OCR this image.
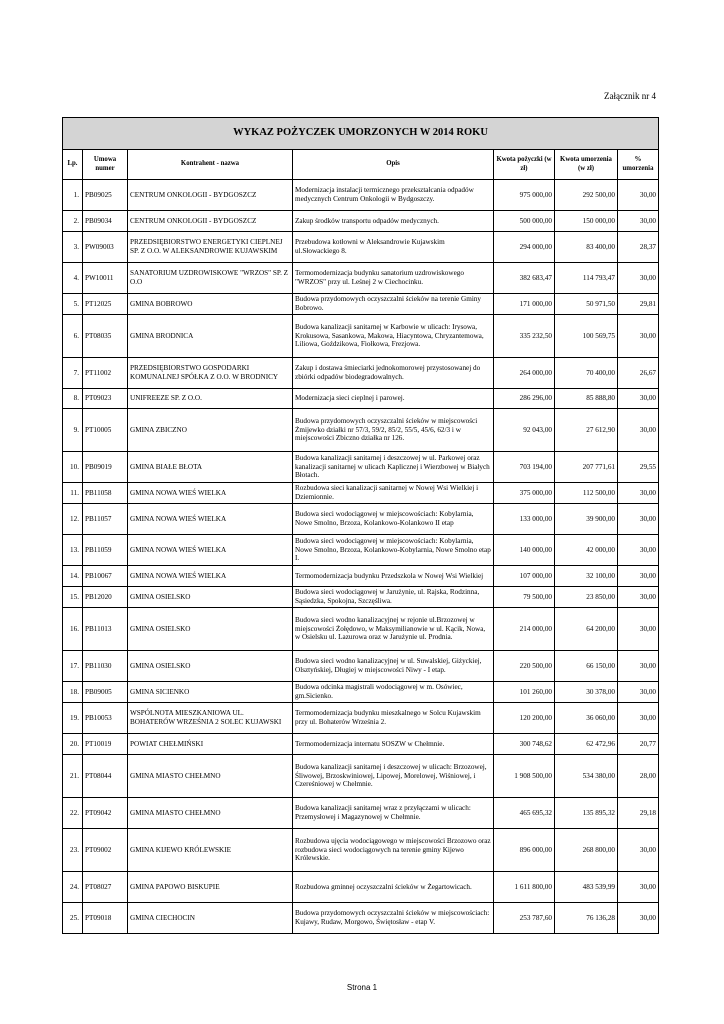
Załącznik nr 4
WYKAZ POŻYCZEK UMORZONYCH W 2014 ROKU						
Lp.	Umowa numer	Kontrahent - nazwa	Opis	Kwota pożyczki (w zł)	Kwota umorzenia (w zł)	% umorzenia
1.	PB09025	CENTRUM ONKOLOGII - BYDGOSZCZ	Modernizacja instalacji termicznego przekształcania odpadów medycznych Centrum Onkologii w Bydgoszczy.	975 000,00	292 500,00	30,00
2.	PB09034	CENTRUM ONKOLOGII - BYDGOSZCZ	Zakup środków transportu odpadów medycznych.	500 000,00	150 000,00	30,00
3.	PW09003	PRZEDSIĘBIORSTWO ENERGETYKI CIEPLNEJ SP. Z O.O. W ALEKSANDROWIE KUJAWSKIM	Przebudowa kotłowni w Aleksandrowie Kujawskim ul.Słowackiego 8.	294 000,00	83 400,00	28,37
4.	PW10011	SANATORIUM UZDROWISKOWE "WRZOS" SP. Z O.O	Termomodernizacja budynku sanatorium uzdrowiskowego "WRZOS" przy ul. Leśnej 2 w Ciechocinku.	382 683,47	114 793,47	30,00
5.	PT12025	GMINA BOBROWO	Budowa przydomowych oczyszczalni ścieków na terenie Gminy Bobrowo.	171 000,00	50 971,50	29,81
6.	PT08035	GMINA BRODNICA	Budowa kanalizacji sanitarnej w Karbowie w ulicach: Irysowa, Krokusowa, Sasankowa, Makowa, Hiacyntowa, Chryzantemowa, Liliowa, Goździkowa, Fiołkowa, Frezjowa.	335 232,50	100 569,75	30,00
7.	PT11002	PRZEDSIĘBIORSTWO GOSPODARKI KOMUNALNEJ SPÓŁKA Z O.O. W BRODNICY	Zakup i dostawa śmieciarki jednokomorowej przystosowanej do zbiórki odpadów biodegradowalnych.	264 000,00	70 400,00	26,67
8.	PT09023	UNIFREEZE SP. Z O.O.	Modernizacja sieci cieplnej i parowej.	286 296,00	85 888,80	30,00
9.	PT10005	GMINA ZBICZNO	Budowa przydomowych oczyszczalni ścieków w miejscowości Żmijewko działki nr 57/3, 59/2, 85/2, 55/5, 45/6, 62/3 i w miejscowości Zbiczno działka nr 126.	92 043,00	27 612,90	30,00
10.	PB09019	GMINA BIAŁE BŁOTA	Budowa kanalizacji sanitarnej i deszczowej w ul. Parkowej oraz kanalizacji sanitarnej w ulicach Kaplicznej i Wierzbowej w Białych Błotach.	703 194,00	207 771,61	29,55
11.	PB11058	GMINA NOWA WIEŚ WIELKA	Rozbudowa sieci kanalizacji sanitarnej w Nowej Wsi Wielkiej i Dziemionnie.	375 000,00	112 500,00	30,00
12.	PB11057	GMINA NOWA WIEŚ WIELKA	Budowa sieci wodociągowej w miejscowościach: Kobylarnia, Nowe Smolno, Brzoza, Kolankowo-Kolankowo II etap	133 000,00	39 900,00	30,00
13.	PB11059	GMINA NOWA WIEŚ WIELKA	Budowa sieci wodociągowej w miejscowościach: Kobylarnia, Nowe Smolno, Brzoza, Kolankowo-Kobylarnia, Nowe Smolno etap I.	140 000,00	42 000,00	30,00
14.	PB10067	GMINA NOWA WIEŚ WIELKA	Termomodernizacja budynku Przedszkola w Nowej Wsi Wielkiej	107 000,00	32 100,00	30,00
15.	PB12020	GMINA OSIELSKO	Budowa sieci wodociągowej w Jarużynie, ul. Rajska, Rodzinna, Sąsiedzka, Spokojna, Szczęśliwa.	79 500,00	23 850,00	30,00
16.	PB11013	GMINA OSIELSKO	Budowa sieci wodno kanalizacyjnej w rejonie ul.Brzozowej w miejscowości Żołędowo, w Maksymilianowie w ul. Kącik, Nowa, w Osielsku ul. Lazurowa oraz w Jarużynie ul. Prodnia.	214 000,00	64 200,00	30,00
17.	PB11030	GMINA OSIELSKO	Budowa sieci wodno kanalizacyjnej w ul. Suwalskiej, Giżyckiej, Olsztyńskiej, Długiej w miejscowości Niwy - I etap.	220 500,00	66 150,00	30,00
18.	PB09005	GMINA SICIENKO	Budowa odcinka magistrali wodociągowej w m. Osówiec, gm.Sicienko.	101 260,00	30 378,00	30,00
19.	PB10053	WSPÓLNOTA MIESZKANIOWA UL. BOHATERÓW WRZEŚNIA 2 SOLEC KUJAWSKI	Termomodernizacja budynku mieszkalnego w Solcu Kujawskim przy ul. Bohaterów Września 2.	120 200,00	36 060,00	30,00
20.	PT10019	POWIAT CHEŁMIŃSKI	Termomodernizacja internatu SOSZW w Chełmnie.	300 748,62	62 472,96	20,77
21.	PT08044	GMINA MIASTO CHEŁMNO	Budowa kanalizacji sanitarnej i deszczowej w ulicach: Brzozowej, Śliwowej, Brzoskwiniowej, Lipowej, Morelowej, Wiśniowej, i Czereśniowej w Chełmnie.	1 908 500,00	534 380,00	28,00
22.	PT09042	GMINA MIASTO CHEŁMNO	Budowa kanalizacji sanitarnej wraz z przyłączami w ulicach: Przemysłowej i Magazynowej w Chełmnie.	465 695,32	135 895,32	29,18
23.	PT09002	GMINA KIJEWO KRÓLEWSKIE	Rozbudowa ujęcia wodociągowego w miejscowości Brzozowo oraz rozbudowa sieci wodociągowych na terenie gminy Kijewo Królewskie.	896 000,00	268 800,00	30,00
24.	PT08027	GMINA PAPOWO BISKUPIE	Rozbudowa gminnej oczyszczalni ścieków w Żegartowicach.	1 611 800,00	483 539,99	30,00
25.	PT09018	GMINA CIECHOCIN	Budowa przydomowych oczyszczalni ścieków w miejscowościach: Kujawy, Rudaw, Morgowo, Świętosław - etap V.	253 787,60	76 136,28	30,00
Strona 1
